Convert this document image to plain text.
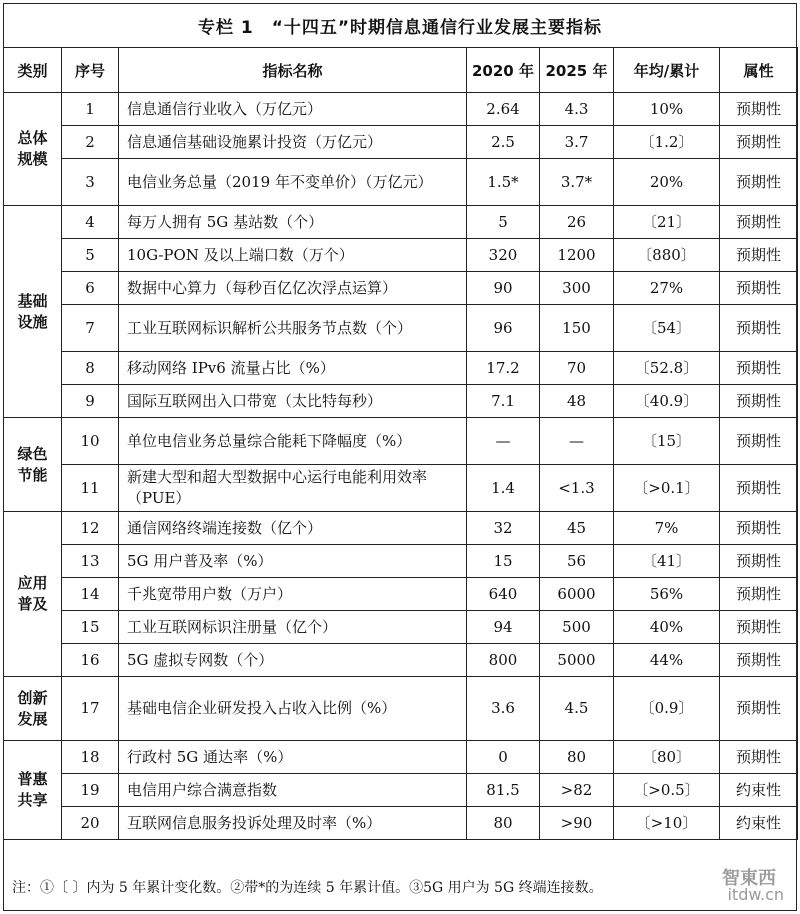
专栏 1　“十四五”时期信息通信行业发展主要指标
类别	序号	指标名称	2020 年	2025 年	年均/累计	属性
总体
规模	1	信息通信行业收入（万亿元）	2.64	4.3	10%	预期性
	2	信息通信基础设施累计投资（万亿元）	2.5	3.7	〔1.2〕	预期性
	3	电信业务总量（2019 年不变单价）（万亿元）	1.5*	3.7*	20%	预期性
基础
设施	4	每万人拥有 5G 基站数（个）	5	26	〔21〕	预期性
	5	10G-PON 及以上端口数（万个）	320	1200	〔880〕	预期性
	6	数据中心算力（每秒百亿亿次浮点运算）	90	300	27%	预期性
	7	工业互联网标识解析公共服务节点数（个）	96	150	〔54〕	预期性
	8	移动网络 IPv6 流量占比（%）	17.2	70	〔52.8〕	预期性
	9	国际互联网出入口带宽（太比特每秒）	7.1	48	〔40.9〕	预期性
绿色
节能	10	单位电信业务总量综合能耗下降幅度（%）	—	—	〔15〕	预期性
	11	新建大型和超大型数据中心运行电能利用效率（PUE）	1.4	<1.3	〔>0.1〕	预期性
应用
普及	12	通信网络终端连接数（亿个）	32	45	7%	预期性
	13	5G 用户普及率（%）	15	56	〔41〕	预期性
	14	千兆宽带用户数（万户）	640	6000	56%	预期性
	15	工业互联网标识注册量（亿个）	94	500	40%	预期性
	16	5G 虚拟专网数（个）	800	5000	44%	预期性
创新
发展	17	基础电信企业研发投入占收入比例（%）	3.6	4.5	〔0.9〕	预期性
普惠
共享	18	行政村 5G 通达率（%）	0	80	〔80〕	预期性
	19	电信用户综合满意指数	81.5	>82	〔>0.5〕	约束性
	20	互联网信息服务投诉处理及时率（%）	80	>90	〔>10〕	约束性
注：①〔 〕内为 5 年累计变化数。②带*的为连续 5 年累计值。③5G 用户为 5G 终端连接数。	智東西
itdw.cn
